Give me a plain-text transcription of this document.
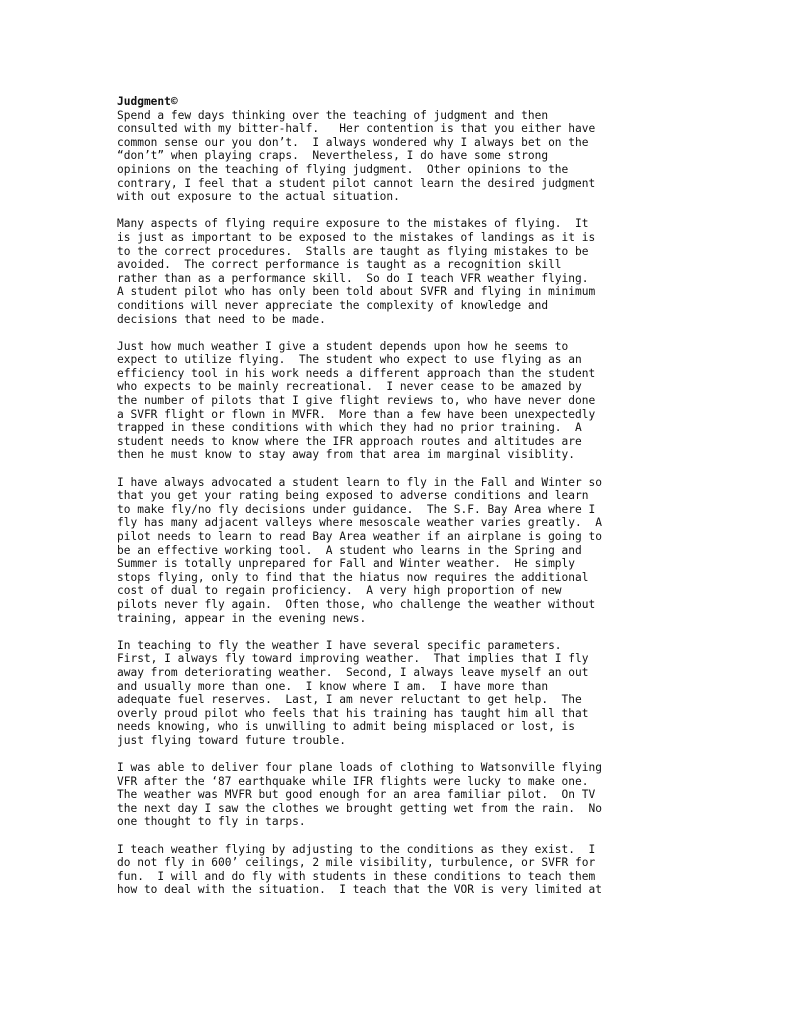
Judgment©
Spend a few days thinking over the teaching of judgment and then
consulted with my bitter-half.   Her contention is that you either have
common sense our you don’t.  I always wondered why I always bet on the
“don’t” when playing craps.  Nevertheless, I do have some strong
opinions on the teaching of flying judgment.  Other opinions to the
contrary, I feel that a student pilot cannot learn the desired judgment
with out exposure to the actual situation.
Many aspects of flying require exposure to the mistakes of flying.  It
is just as important to be exposed to the mistakes of landings as it is
to the correct procedures.  Stalls are taught as flying mistakes to be
avoided.  The correct performance is taught as a recognition skill
rather than as a performance skill.  So do I teach VFR weather flying.
A student pilot who has only been told about SVFR and flying in minimum
conditions will never appreciate the complexity of knowledge and
decisions that need to be made.
Just how much weather I give a student depends upon how he seems to
expect to utilize flying.  The student who expect to use flying as an
efficiency tool in his work needs a different approach than the student
who expects to be mainly recreational.  I never cease to be amazed by
the number of pilots that I give flight reviews to, who have never done
a SVFR flight or flown in MVFR.  More than a few have been unexpectedly
trapped in these conditions with which they had no prior training.  A
student needs to know where the IFR approach routes and altitudes are
then he must know to stay away from that area im marginal visiblity.
I have always advocated a student learn to fly in the Fall and Winter so
that you get your rating being exposed to adverse conditions and learn
to make fly/no fly decisions under guidance.  The S.F. Bay Area where I
fly has many adjacent valleys where mesoscale weather varies greatly.  A
pilot needs to learn to read Bay Area weather if an airplane is going to
be an effective working tool.  A student who learns in the Spring and
Summer is totally unprepared for Fall and Winter weather.  He simply
stops flying, only to find that the hiatus now requires the additional
cost of dual to regain proficiency.  A very high proportion of new
pilots never fly again.  Often those, who challenge the weather without
training, appear in the evening news.
In teaching to fly the weather I have several specific parameters.
First, I always fly toward improving weather.  That implies that I fly
away from deteriorating weather.  Second, I always leave myself an out
and usually more than one.  I know where I am.  I have more than
adequate fuel reserves.  Last, I am never reluctant to get help.  The
overly proud pilot who feels that his training has taught him all that
needs knowing, who is unwilling to admit being misplaced or lost, is
just flying toward future trouble.
I was able to deliver four plane loads of clothing to Watsonville flying
VFR after the ‘87 earthquake while IFR flights were lucky to make one.
The weather was MVFR but good enough for an area familiar pilot.  On TV
the next day I saw the clothes we brought getting wet from the rain.  No
one thought to fly in tarps.
I teach weather flying by adjusting to the conditions as they exist.  I
do not fly in 600’ ceilings, 2 mile visibility, turbulence, or SVFR for
fun.  I will and do fly with students in these conditions to teach them
how to deal with the situation.  I teach that the VOR is very limited at
